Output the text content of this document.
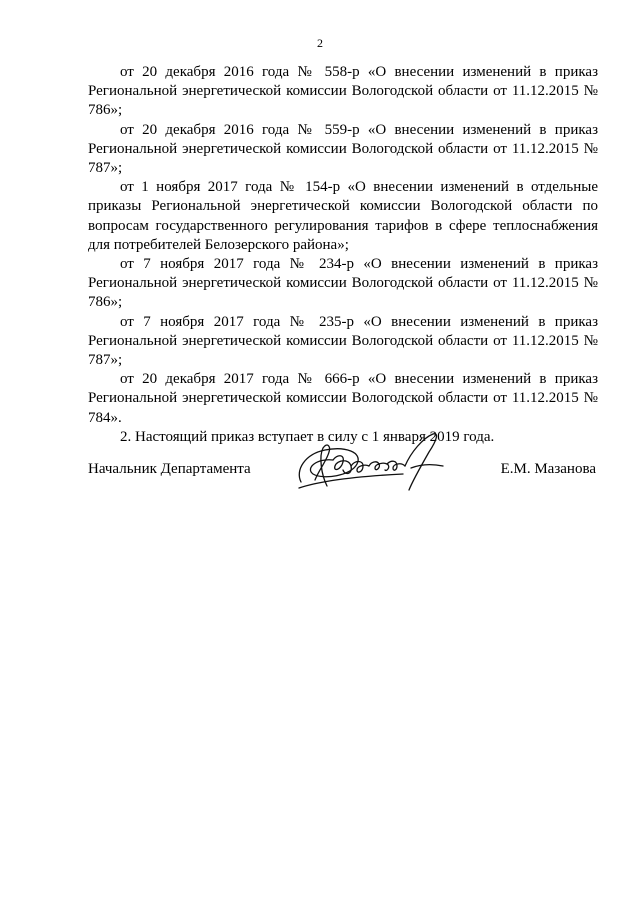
2

от 20 декабря 2016 года № 558-р «О внесении изменений в приказ Региональной энергетической комиссии Вологодской области от 11.12.2015 № 786»;

от 20 декабря 2016 года № 559-р «О внесении изменений в приказ Региональной энергетической комиссии Вологодской области от 11.12.2015 № 787»;

от 1 ноября 2017 года № 154-р «О внесении изменений в отдельные приказы Региональной энергетической комиссии Вологодской области по вопросам государственного регулирования тарифов в сфере теплоснабжения для потребителей Белозерского района»;

от 7 ноября 2017 года № 234-р «О внесении изменений в приказ Региональной энергетической комиссии Вологодской области от 11.12.2015 № 786»;

от 7 ноября 2017 года № 235-р «О внесении изменений в приказ Региональной энергетической комиссии Вологодской области от 11.12.2015 № 787»;

от 20 декабря 2017 года № 666-р «О внесении изменений в приказ Региональной энергетической комиссии Вологодской области от 11.12.2015 № 784».

2. Настоящий приказ вступает в силу с 1 января 2019 года.

Начальник Департамента	Е.М. Мазанова
